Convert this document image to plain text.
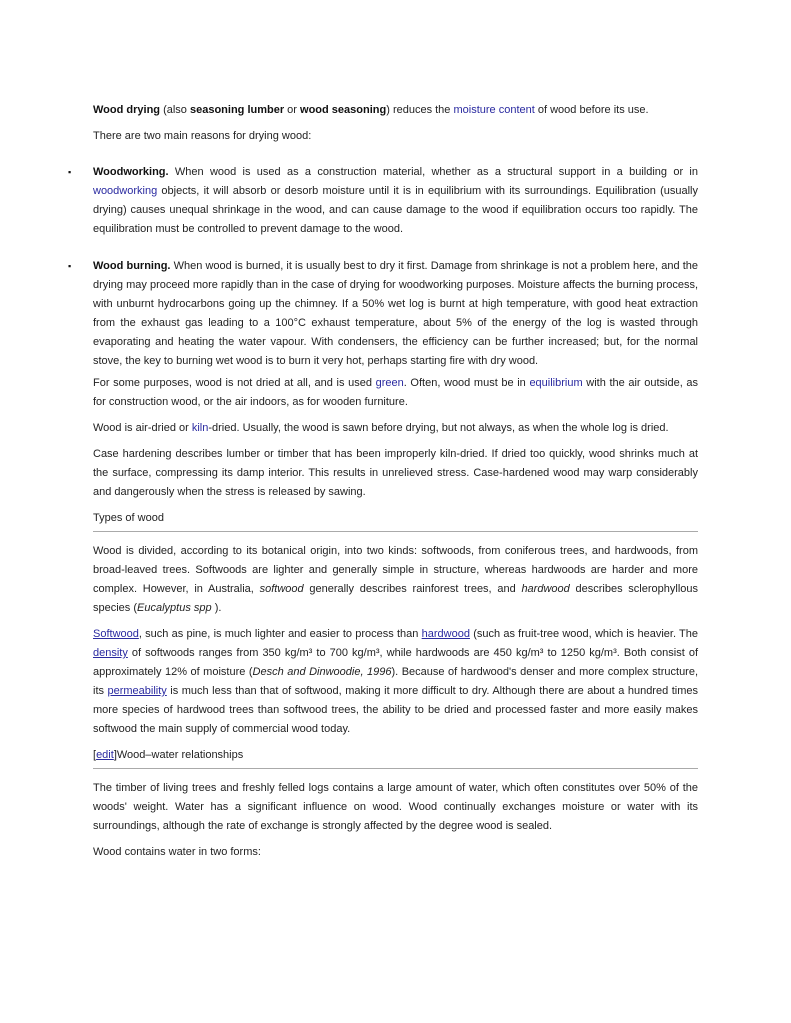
Wood drying (also seasoning lumber or wood seasoning) reduces the moisture content of wood before its use.

There are two main reasons for drying wood:

▪ Woodworking. When wood is used as a construction material, whether as a structural support in a building or in woodworking objects, it will absorb or desorb moisture until it is in equilibrium with its surroundings. Equilibration (usually drying) causes unequal shrinkage in the wood, and can cause damage to the wood if equilibration occurs too rapidly. The equilibration must be controlled to prevent damage to the wood.

▪ Wood burning. When wood is burned, it is usually best to dry it first. Damage from shrinkage is not a problem here, and the drying may proceed more rapidly than in the case of drying for woodworking purposes. Moisture affects the burning process, with unburnt hydrocarbons going up the chimney. If a 50% wet log is burnt at high temperature, with good heat extraction from the exhaust gas leading to a 100°C exhaust temperature, about 5% of the energy of the log is wasted through evaporating and heating the water vapour. With condensers, the efficiency can be further increased; but, for the normal stove, the key to burning wet wood is to burn it very hot, perhaps starting fire with dry wood.

For some purposes, wood is not dried at all, and is used green. Often, wood must be in equilibrium with the air outside, as for construction wood, or the air indoors, as for wooden furniture.

Wood is air-dried or kiln-dried. Usually, the wood is sawn before drying, but not always, as when the whole log is dried.

Case hardening describes lumber or timber that has been improperly kiln-dried. If dried too quickly, wood shrinks much at the surface, compressing its damp interior. This results in unrelieved stress. Case-hardened wood may warp considerably and dangerously when the stress is released by sawing.

Types of wood

Wood is divided, according to its botanical origin, into two kinds: softwoods, from coniferous trees, and hardwoods, from broad-leaved trees. Softwoods are lighter and generally simple in structure, whereas hardwoods are harder and more complex. However, in Australia, softwood generally describes rainforest trees, and hardwood describes sclerophyllous species (Eucalyptus spp ).

Softwood, such as pine, is much lighter and easier to process than hardwood (such as fruit-tree wood, which is heavier. The density of softwoods ranges from 350 kg/m³ to 700 kg/m³, while hardwoods are 450 kg/m³ to 1250 kg/m³. Both consist of approximately 12% of moisture (Desch and Dinwoodie, 1996). Because of hardwood's denser and more complex structure, its permeability is much less than that of softwood, making it more difficult to dry. Although there are about a hundred times more species of hardwood trees than softwood trees, the ability to be dried and processed faster and more easily makes softwood the main supply of commercial wood today.

[edit]Wood–water relationships

The timber of living trees and freshly felled logs contains a large amount of water, which often constitutes over 50% of the woods' weight. Water has a significant influence on wood. Wood continually exchanges moisture or water with its surroundings, although the rate of exchange is strongly affected by the degree wood is sealed.

Wood contains water in two forms:
